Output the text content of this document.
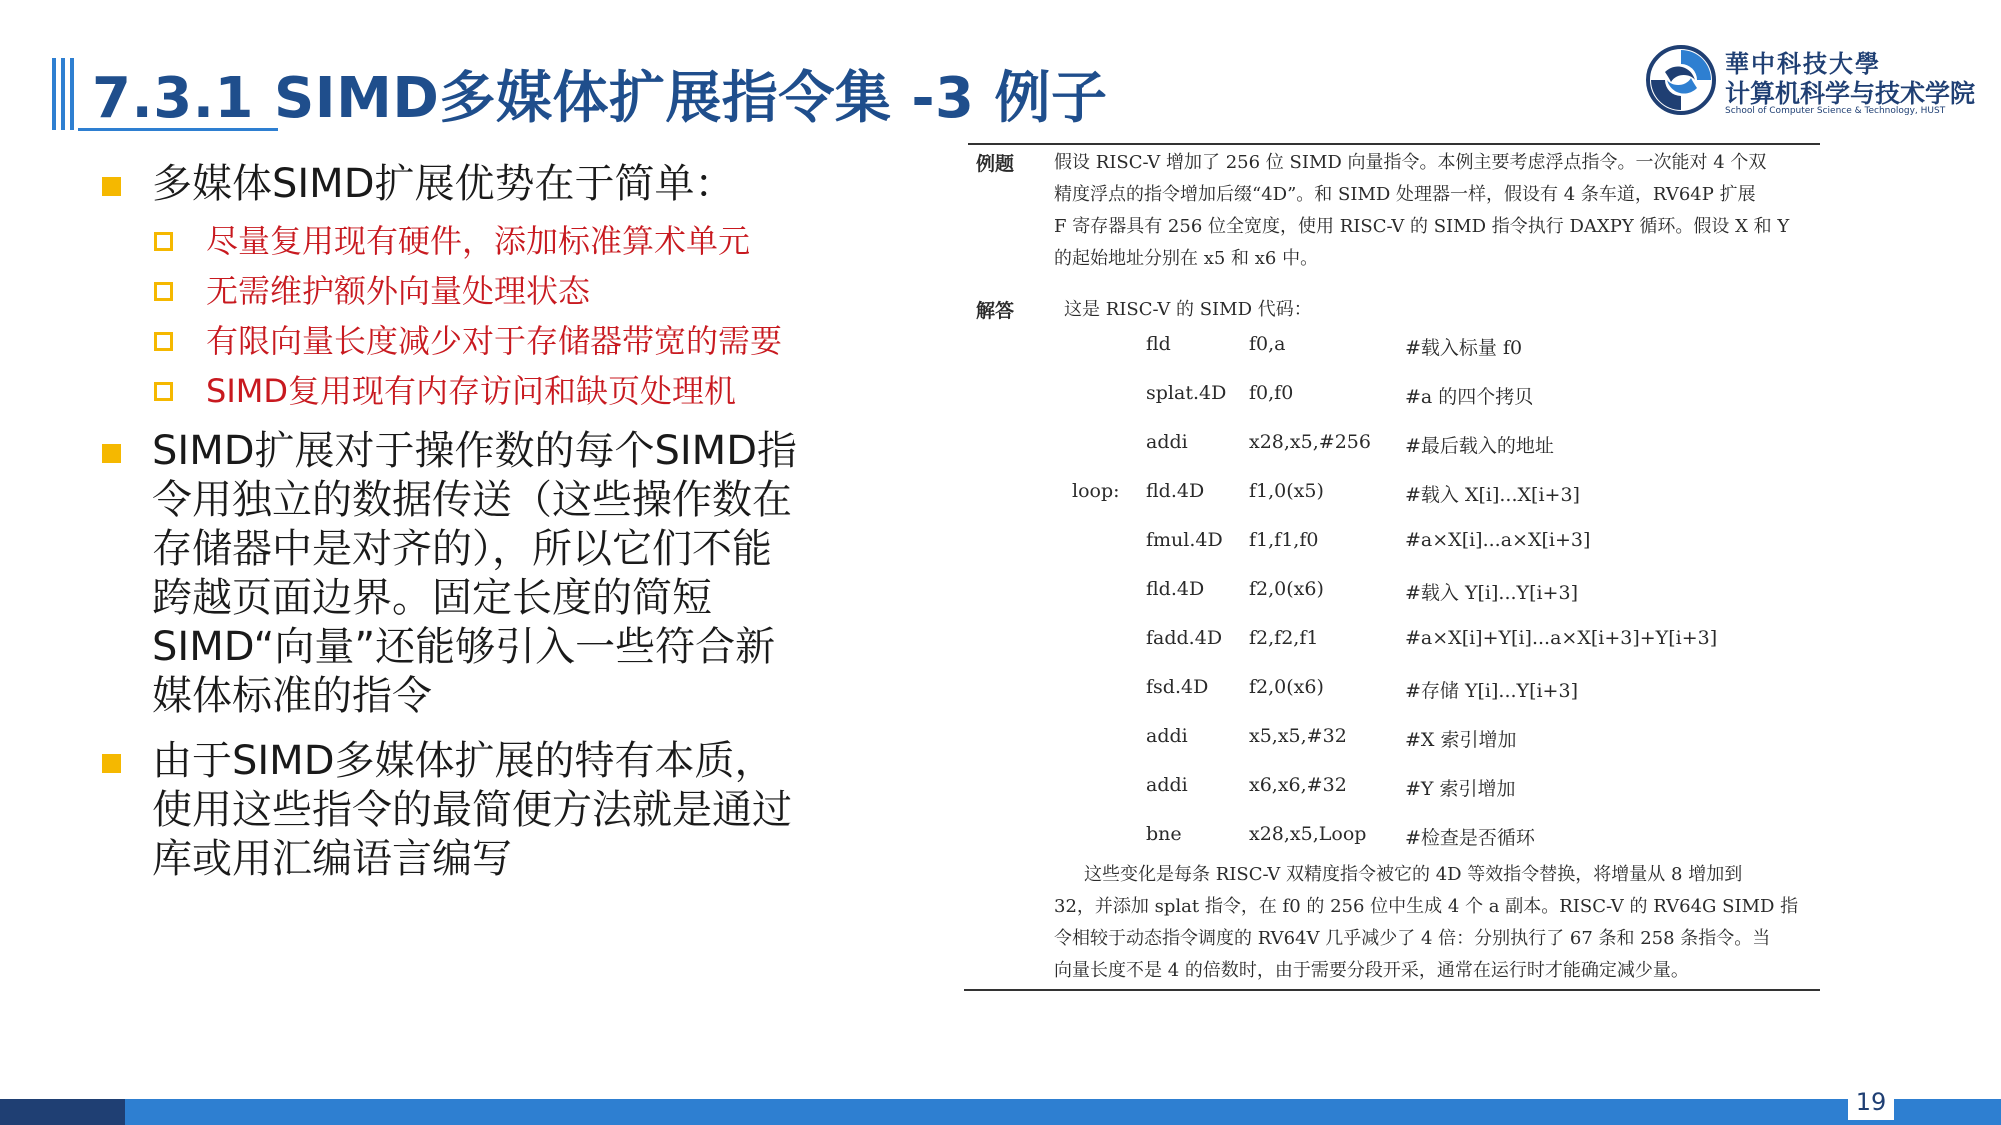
7.3.1 SIMD多媒体扩展指令集 -3 例子
華中科技大學
计算机科学与技术学院
School of Computer Science & Technology, HUST
多媒体SIMD扩展优势在于简单：
尽量复用现有硬件，添加标准算术单元
无需维护额外向量处理状态
有限向量长度减少对于存储器带宽的需要
SIMD复用现有内存访问和缺页处理机
SIMD扩展对于操作数的每个SIMD指令用独立的数据传送（这些操作数在存储器中是对齐的），所以它们不能跨越页面边界。固定长度的简短SIMD“向量”还能够引入一些符合新媒体标准的指令
由于SIMD多媒体扩展的特有本质，使用这些指令的最简便方法就是通过库或用汇编语言编写
例题 假设 RISC-V 增加了 256 位 SIMD 向量指令。本例主要考虑浮点指令。一次能对 4 个双
精度浮点的指令增加后缀“4D”。和 SIMD 处理器一样，假设有 4 条车道，RV64P 扩展
F 寄存器具有 256 位全宽度，使用 RISC-V 的 SIMD 指令执行 DAXPY 循环。假设 X 和 Y
的起始地址分别在 x5 和 x6 中。
解答	这是 RISC-V 的 SIMD 代码：
fld	f0,a	#载入标量 f0
splat.4D f0,f0	#a 的四个拷贝
addi	x28,x5,#256 #最后载入的地址
loop: fld.4D f1,0(x5)	#载入 X[i]...X[i+3]
fmul.4D f1,f1,f0	#a×X[i]...a×X[i+3]
fld.4D f2,0(x6)	#载入 Y[i]...Y[i+3]
fadd.4D f2,f2,f1	#a×X[i]+Y[i]...a×X[i+3]+Y[i+3]
fsd.4D f2,0(x6)	#存储 Y[i]...Y[i+3]
addi	x5,x5,#32	#X 索引增加
addi	x6,x6,#32	#Y 索引增加
bne	x28,x5,Loop #检查是否循环
这些变化是每条 RISC-V 双精度指令被它的 4D 等效指令替换，将增量从 8 增加到
32，并添加 splat 指令，在 f0 的 256 位中生成 4 个 a 副本。RISC-V 的 RV64G SIMD 指
令相较于动态指令调度的 RV64V 几乎减少了 4 倍：分别执行了 67 条和 258 条指令。当
向量长度不是 4 的倍数时，由于需要分段开采，通常在运行时才能确定减少量。
19
